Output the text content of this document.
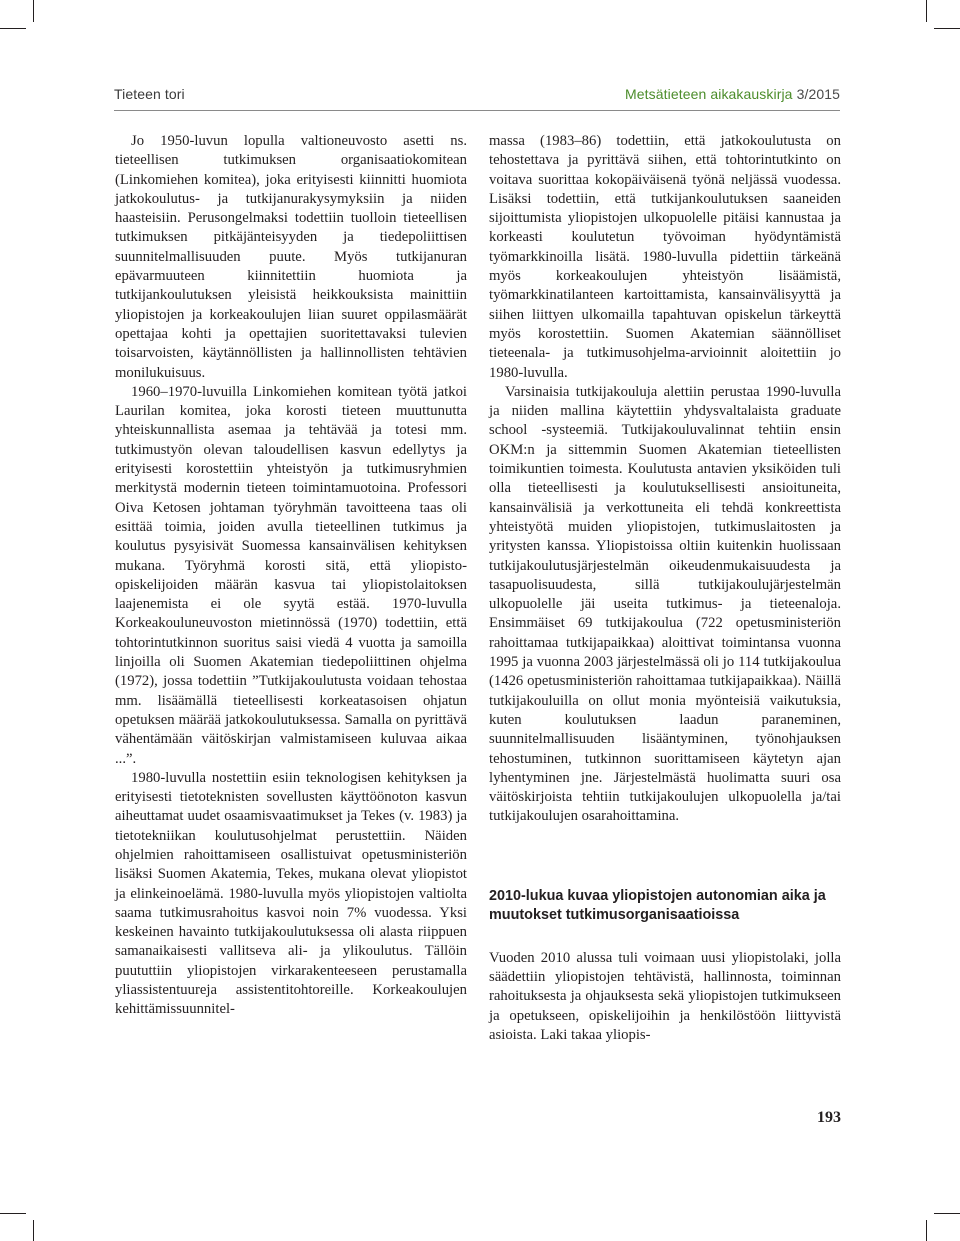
Tieteen tori	Metsätieteen aikakauskirja 3/2015

Jo 1950-luvun lopulla valtioneuvosto asetti ns. tieteellisen tutkimuksen organisaatiokomitean (Linkomiehen komitea), joka erityisesti kiinnitti huomiota jatkokoulutus- ja tutkijanurakysymyksiin ja niiden haasteisiin. Perusongelmaksi todettiin tuolloin tieteellisen tutkimuksen pitkäjänteisyyden ja tiedepoliittisen suunnitelmallisuuden puute. Myös tutkijanuran epävarmuuteen kiinnitettiin huomiota ja tutkijankoulutuksen yleisistä heikkouksista mainittiin yliopistojen ja korkeakoulujen liian suuret oppilasmäärät opettajaa kohti ja opettajien suoritettavaksi tulevien toisarvoisten, käytännöllisten ja hallinnollisten tehtävien monilukuisuus.

1960–1970-luvuilla Linkomiehen komitean työtä jatkoi Laurilan komitea, joka korosti tieteen muuttunutta yhteiskunnallista asemaa ja tehtävää ja totesi mm. tutkimustyön olevan taloudellisen kasvun edellytys ja erityisesti korostettiin yhteistyön ja tutkimusryhmien merkitystä modernin tieteen toimintamuotoina. Professori Oiva Ketosen johtaman työryhmän tavoitteena taas oli esittää toimia, joiden avulla tieteellinen tutkimus ja koulutus pysyisivät Suomessa kansainvälisen kehityksen mukana. Työryhmä korosti sitä, että yliopisto-opiskelijoiden määrän kasvua tai yliopistolaitoksen laajenemista ei ole syytä estää. 1970-luvulla Korkeakouluneuvoston mietinnössä (1970) todettiin, että tohtorintutkinnon suoritus saisi viedä 4 vuotta ja samoilla linjoilla oli Suomen Akatemian tiedepoliittinen ohjelma (1972), jossa todettiin ”Tutkijakoulutusta voidaan tehostaa mm. lisäämällä tieteellisesti korkeatasoisen ohjatun opetuksen määrää jatkokoulutuksessa. Samalla on pyrittävä vähentämään väitöskirjan valmistamiseen kuluvaa aikaa ...”.

1980-luvulla nostettiin esiin teknologisen kehityksen ja erityisesti tietoteknisten sovellusten käyttöönoton kasvun aiheuttamat uudet osaamisvaatimukset ja Tekes (v. 1983) ja tietotekniikan koulutusohjelmat perustettiin. Näiden ohjelmien rahoittamiseen osallistuivat opetusministeriön lisäksi Suomen Akatemia, Tekes, mukana olevat yliopistot ja elinkeinoelämä. 1980-luvulla myös yliopistojen valtiolta saama tutkimusrahoitus kasvoi noin 7% vuodessa. Yksi keskeinen havainto tutkijakoulutuksessa oli alasta riippuen samanaikaisesti vallitseva ali- ja ylikoulutus. Tällöin puututtiin yliopistojen virkarakenteeseen perustamalla yliassistentuureja assistentitohtoreille. Korkeakoulujen kehittämissuunnitel-

massa (1983–86) todettiin, että jatkokoulutusta on tehostettava ja pyrittävä siihen, että tohtorintutkinto on voitava suorittaa kokopäiväisenä työnä neljässä vuodessa. Lisäksi todettiin, että tutkijankoulutuksen saaneiden sijoittumista yliopistojen ulkopuolelle pitäisi kannustaa ja korkeasti koulutetun työvoiman hyödyntämistä työmarkkinoilla lisätä. 1980-luvulla pidettiin tärkeänä myös korkeakoulujen yhteistyön lisäämistä, työmarkkinatilanteen kartoittamista, kansainvälisyyttä ja siihen liittyen ulkomailla tapahtuvan opiskelun tärkeyttä myös korostettiin. Suomen Akatemian säännölliset tieteenala- ja tutkimusohjelma-arvioinnit aloitettiin jo 1980-luvulla.

Varsinaisia tutkijakouluja alettiin perustaa 1990-luvulla ja niiden mallina käytettiin yhdysvaltalaista graduate school -systeemiä. Tutkijakouluvalinnat tehtiin ensin OKM:n ja sittemmin Suomen Akatemian tieteellisten toimikuntien toimesta. Koulutusta antavien yksiköiden tuli olla tieteellisesti ja koulutuksellisesti ansioituneita, kansainvälisiä ja verkottuneita eli tehdä konkreettista yhteistyötä muiden yliopistojen, tutkimuslaitosten ja yritysten kanssa. Yliopistoissa oltiin kuitenkin huolissaan tutkijakoulutusjärjestelmän oikeudenmukaisuudesta ja tasapuolisuudesta, sillä tutkijakoulujärjestelmän ulkopuolelle jäi useita tutkimus- ja tieteenaloja. Ensimmäiset 69 tutkijakoulua (722 opetusministeriön rahoittamaa tutkijapaikkaa) aloittivat toimintansa vuonna 1995 ja vuonna 2003 järjestelmässä oli jo 114 tutkijakoulua (1426 opetusministeriön rahoittamaa tutkijapaikkaa). Näillä tutkijakouluilla on ollut monia myönteisiä vaikutuksia, kuten koulutuksen laadun paraneminen, suunnitelmallisuuden lisääntyminen, työnohjauksen tehostuminen, tutkinnon suorittamiseen käytetyn ajan lyhentyminen jne. Järjestelmästä huolimatta suuri osa väitöskirjoista tehtiin tutkijakoulujen ulkopuolella ja/tai tutkijakoulujen osarahoittamina.

2010-lukua kuvaa yliopistojen autonomian aika ja muutokset tutkimusorganisaatioissa

Vuoden 2010 alussa tuli voimaan uusi yliopistolaki, jolla säädettiin yliopistojen tehtävistä, hallinnosta, toiminnan rahoituksesta ja ohjauksesta sekä yliopistojen tutkimukseen ja opetukseen, opiskelijoihin ja henkilöstöön liittyvistä asioista. Laki takaa yliopis-

193
